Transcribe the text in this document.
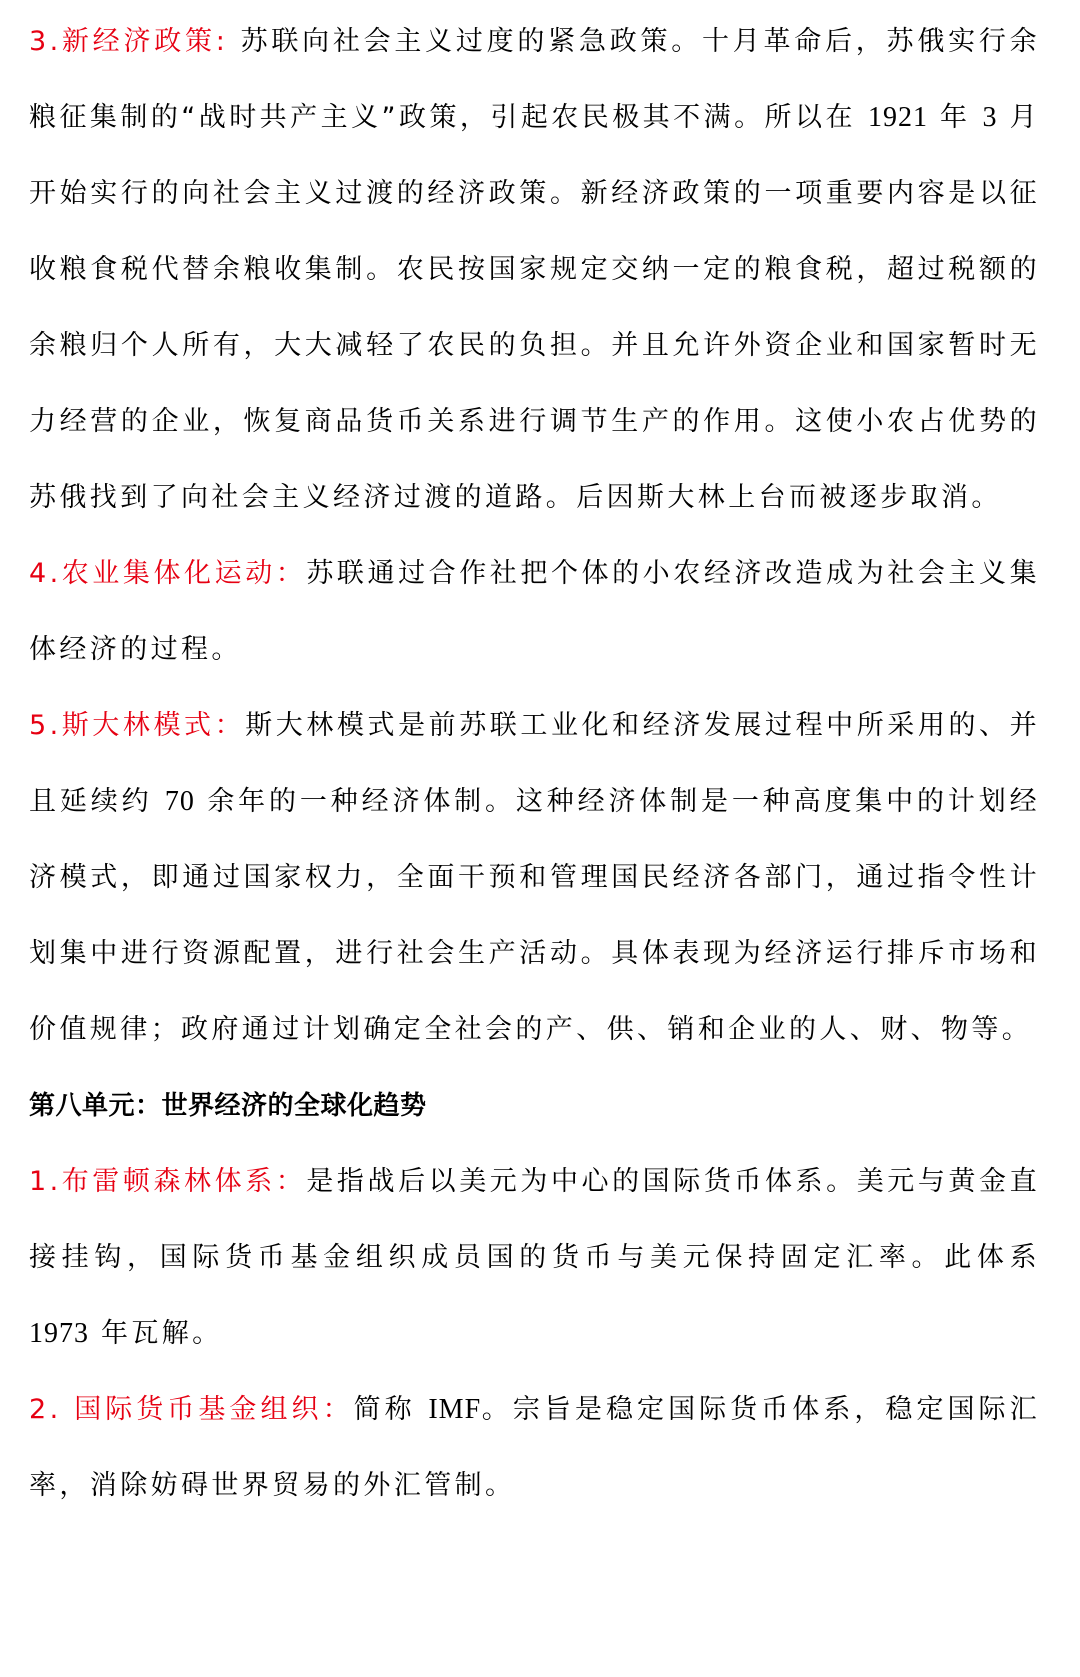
3.新经济政策: 苏联向社会主义过度的紧急政策。十月革命后，苏俄实行余粮征集制的“战时共产主义”政策，引起农民极其不满。所以在 1921 年 3 月开始实行的向社会主义过渡的经济政策。新经济政策的一项重要内容是以征收粮食税代替余粮收集制。农民按国家规定交纳一定的粮食税，超过税额的余粮归个人所有，大大减轻了农民的负担。并且允许外资企业和国家暂时无力经营的企业，恢复商品货币关系进行调节生产的作用。这使小农占优势的苏俄找到了向社会主义经济过渡的道路。后因斯大林上台而被逐步取消。

4.农业集体化运动：苏联通过合作社把个体的小农经济改造成为社会主义集体经济的过程。

5.斯大林模式：斯大林模式是前苏联工业化和经济发展过程中所采用的、并且延续约 70 余年的一种经济体制。这种经济体制是一种高度集中的计划经济模式，即通过国家权力，全面干预和管理国民经济各部门，通过指令性计划集中进行资源配置，进行社会生产活动。具体表现为经济运行排斥市场和价值规律；政府通过计划确定全社会的产、供、销和企业的人、财、物等。

第八单元：世界经济的全球化趋势

1.布雷顿森林体系：是指战后以美元为中心的国际货币体系。美元与黄金直接挂钩，国际货币基金组织成员国的货币与美元保持固定汇率。此体系 1973 年瓦解。

2. 国际货币基金组织：简称 IMF。宗旨是稳定国际货币体系，稳定国际汇率，消除妨碍世界贸易的外汇管制。
